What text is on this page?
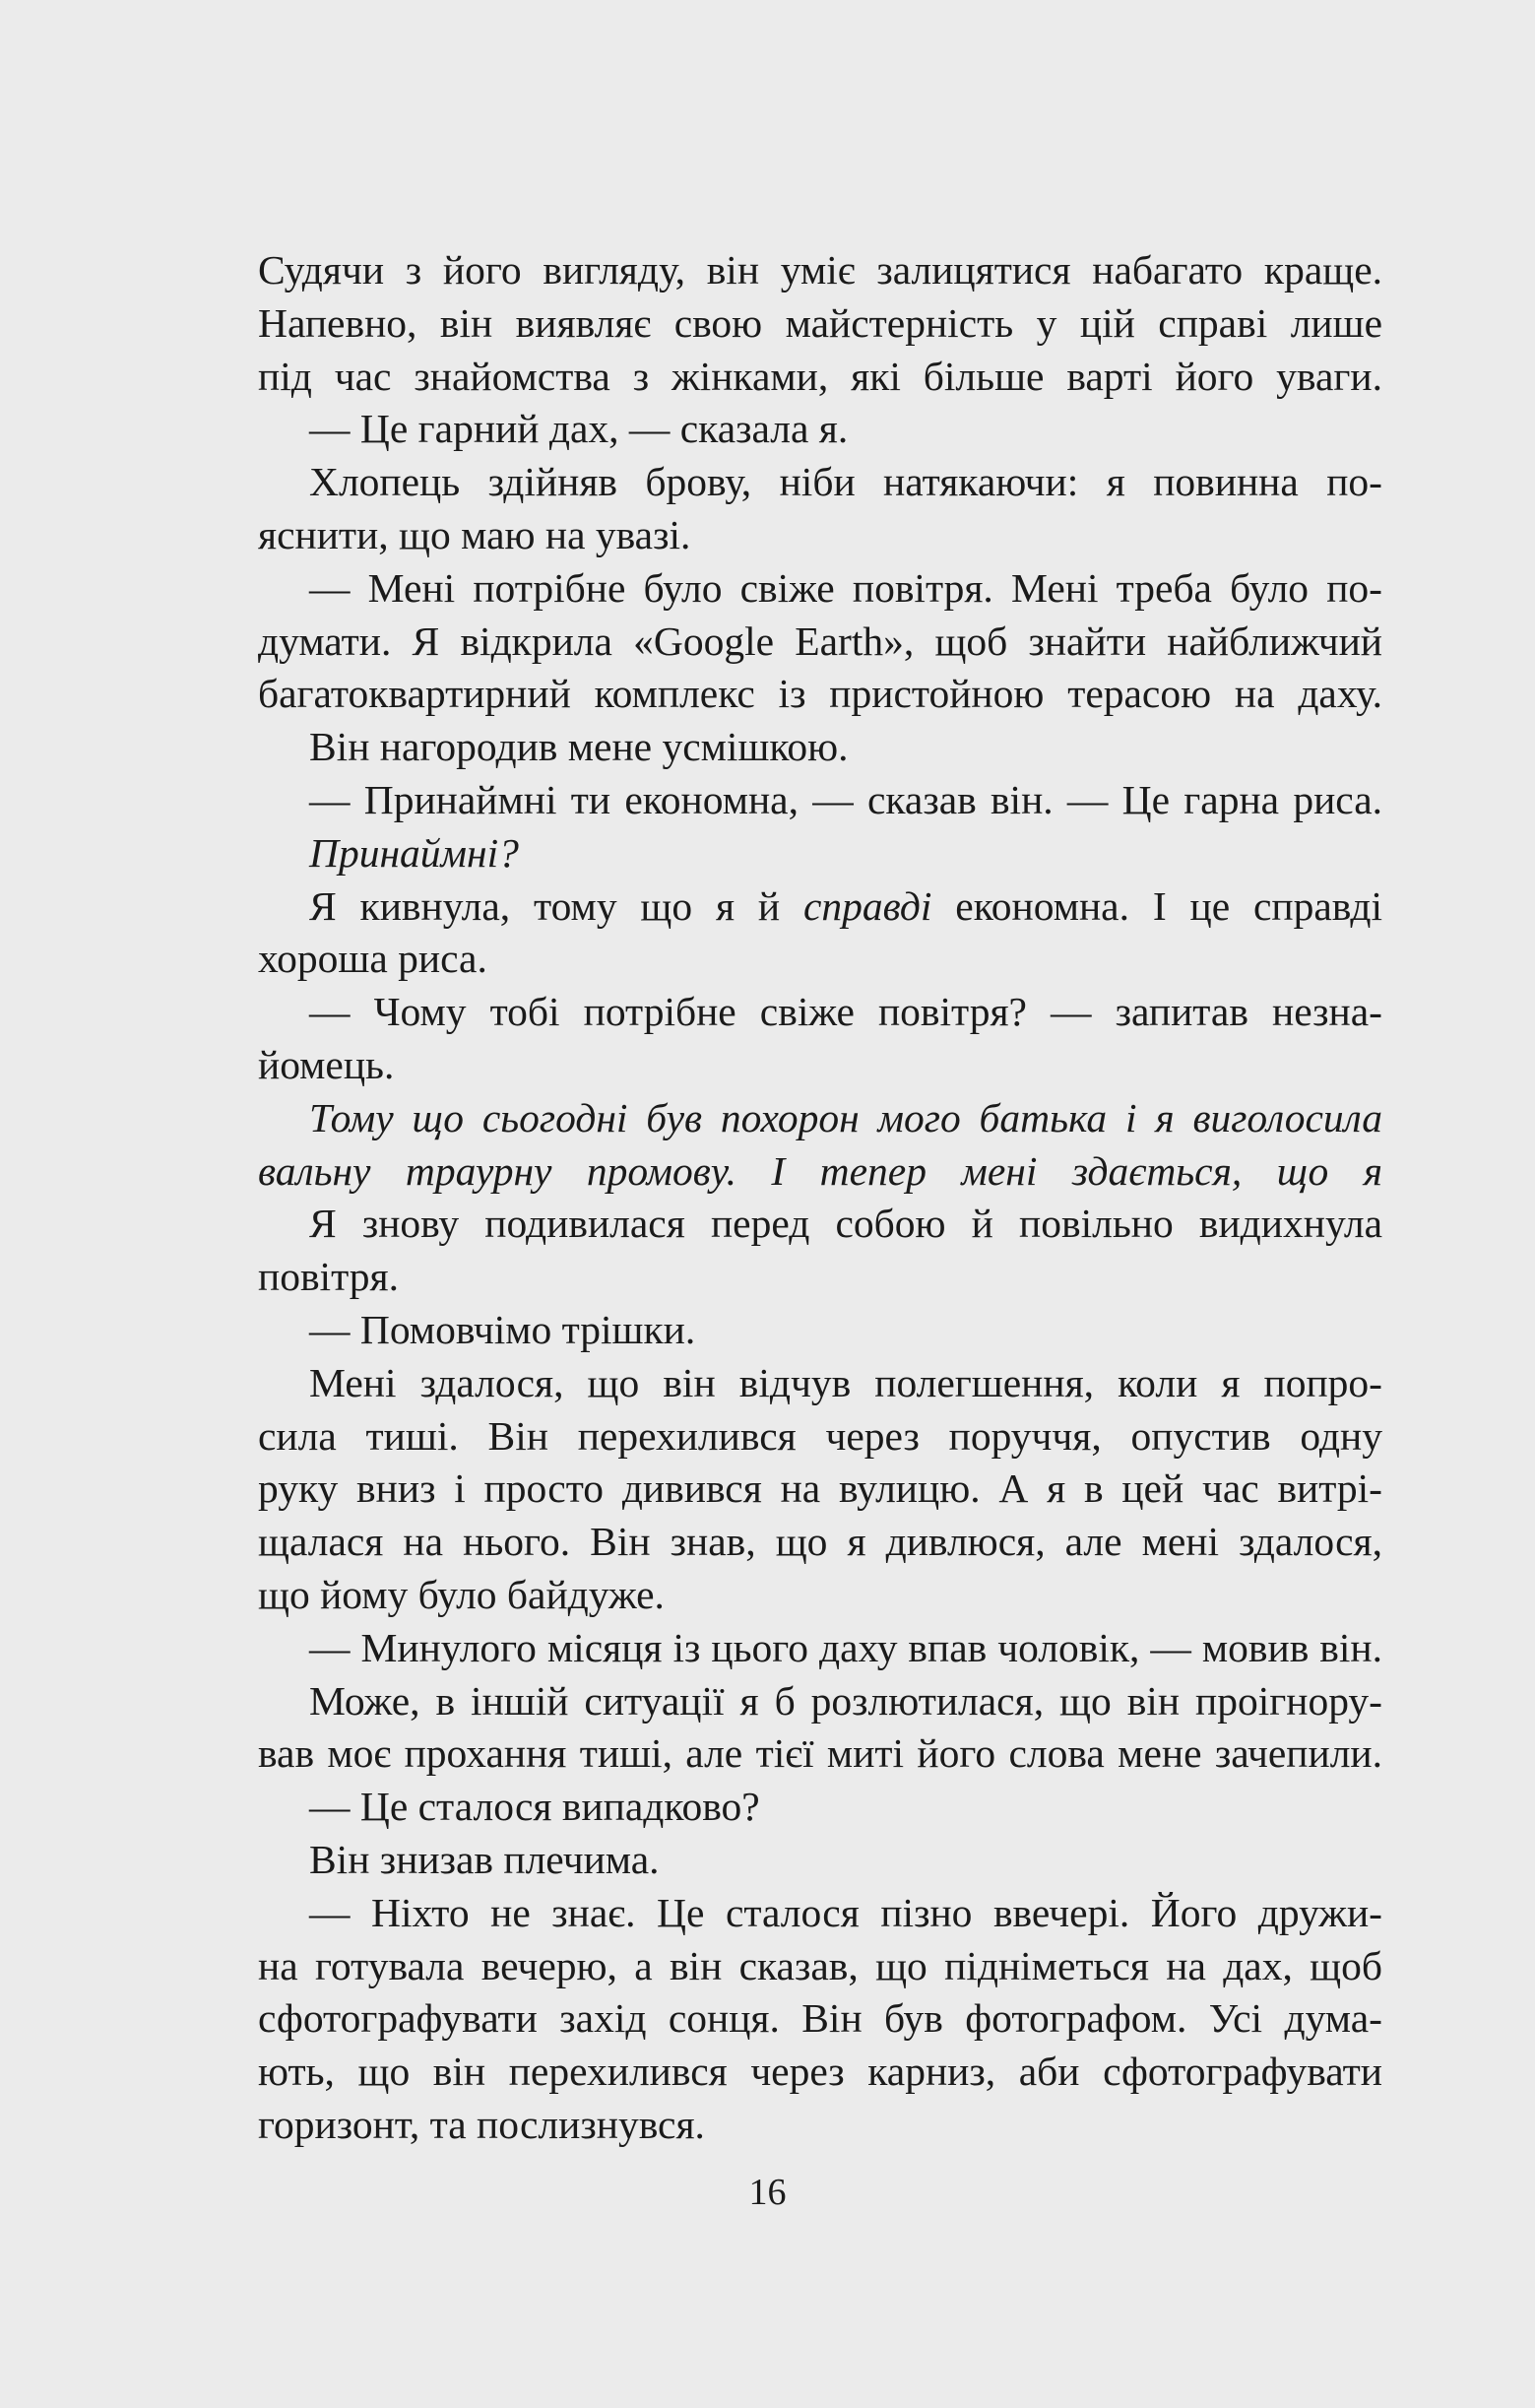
Судячи з його вигляду, він уміє залицятися набагато краще.
Напевно, він виявляє свою майстерність у цій справі лише
під час знайомства з жінками, які більше варті його уваги.
— Це гарний дах, — сказала я.
Хлопець здійняв брову, ніби натякаючи: я повинна по-
яснити, що маю на увазі.
— Мені потрібне було свіже повітря. Мені треба було по-
думати. Я відкрила «Google Earth», щоб знайти найближчий
багатоквартирний комплекс із пристойною терасою на даху.
Він нагородив мене усмішкою.
— Принаймні ти економна, — сказав він. — Це гарна риса.
Принаймні?
Я кивнула, тому що я й справді економна. І це справді
хороша риса.
— Чому тобі потрібне свіже повітря? — запитав незна-
йомець.
Тому що сьогодні був похорон мого батька і я виголосила
вальну траурну промову. І тепер мені здається, що я
Я знову подивилася перед собою й повільно видихнула
повітря.
— Помовчімо трішки.
Мені здалося, що він відчув полегшення, коли я попро-
сила тиші. Він перехилився через поруччя, опустив одну
руку вниз і просто дивився на вулицю. А я в цей час витрі-
щалася на нього. Він знав, що я дивлюся, але мені здалося,
що йому було байдуже.
— Минулого місяця із цього даху впав чоловік, — мовив він.
Може, в іншій ситуації я б розлютилася, що він проігнору-
вав моє прохання тиші, але тієї миті його слова мене зачепили.
— Це сталося випадково?
Він знизав плечима.
— Ніхто не знає. Це сталося пізно ввечері. Його дружи-
на готувала вечерю, а він сказав, що підніметься на дах, щоб
сфотографувати захід сонця. Він був фотографом. Усі дума-
ють, що він перехилився через карниз, аби сфотографувати
горизонт, та послизнувся.
16
